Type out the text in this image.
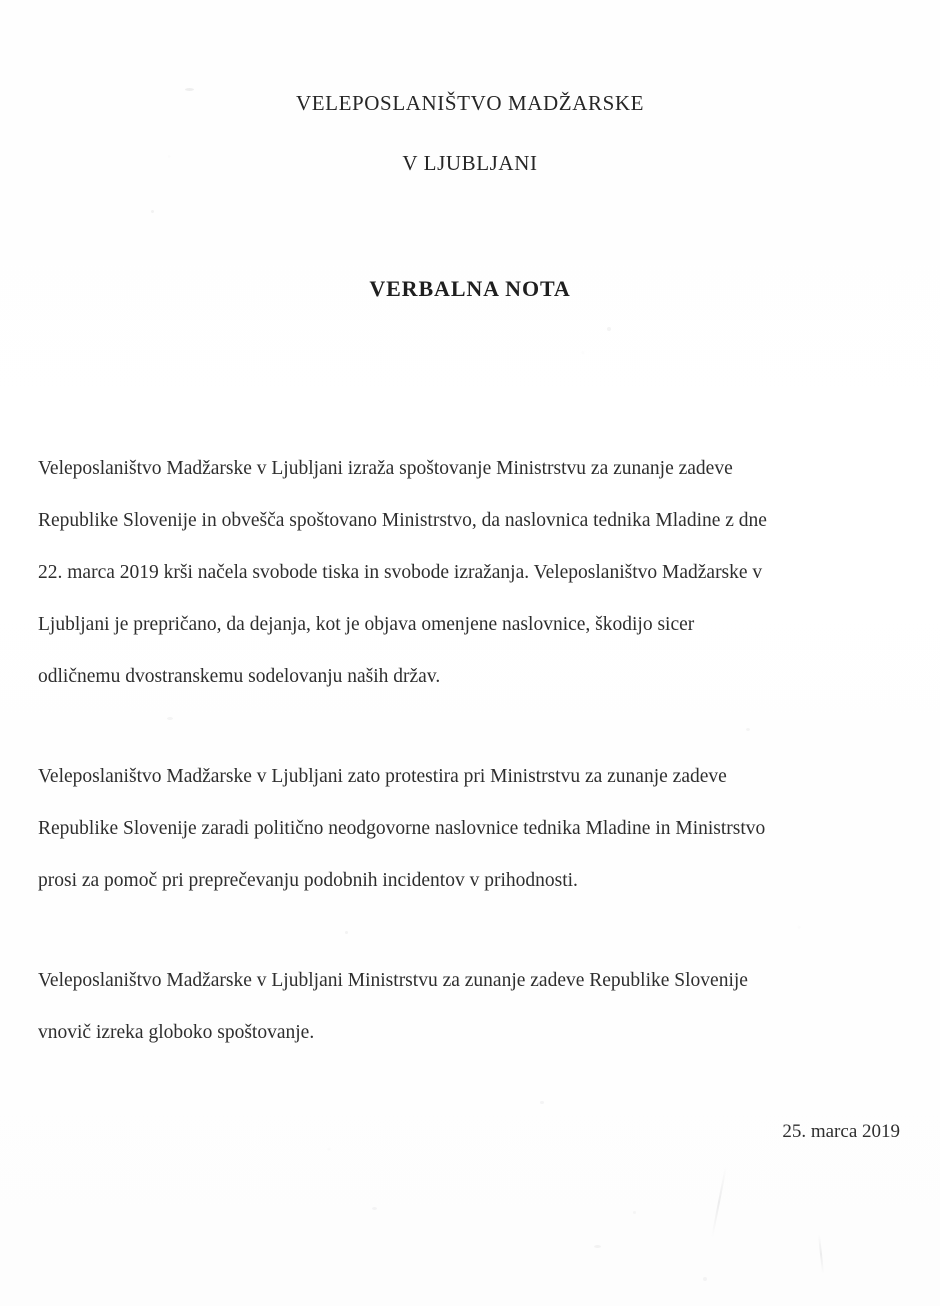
VELEPOSLANIŠTVO MADŽARSKE
V LJUBLJANI
VERBALNA NOTA
Veleposlaništvo Madžarske v Ljubljani izraža spoštovanje Ministrstvu za zunanje zadeve
Republike Slovenije in obvešča spoštovano Ministrstvo, da naslovnica tednika Mladine z dne
22. marca 2019 krši načela svobode tiska in svobode izražanja. Veleposlaništvo Madžarske v
Ljubljani je prepričano, da dejanja, kot je objava omenjene naslovnice, škodijo sicer
odličnemu dvostranskemu sodelovanju naših držav.
Veleposlaništvo Madžarske v Ljubljani zato protestira pri Ministrstvu za zunanje zadeve
Republike Slovenije zaradi politično neodgovorne naslovnice tednika Mladine in Ministrstvo
prosi za pomoč pri preprečevanju podobnih incidentov v prihodnosti.
Veleposlaništvo Madžarske v Ljubljani Ministrstvu za zunanje zadeve Republike Slovenije
vnovič izreka globoko spoštovanje.
25. marca 2019
